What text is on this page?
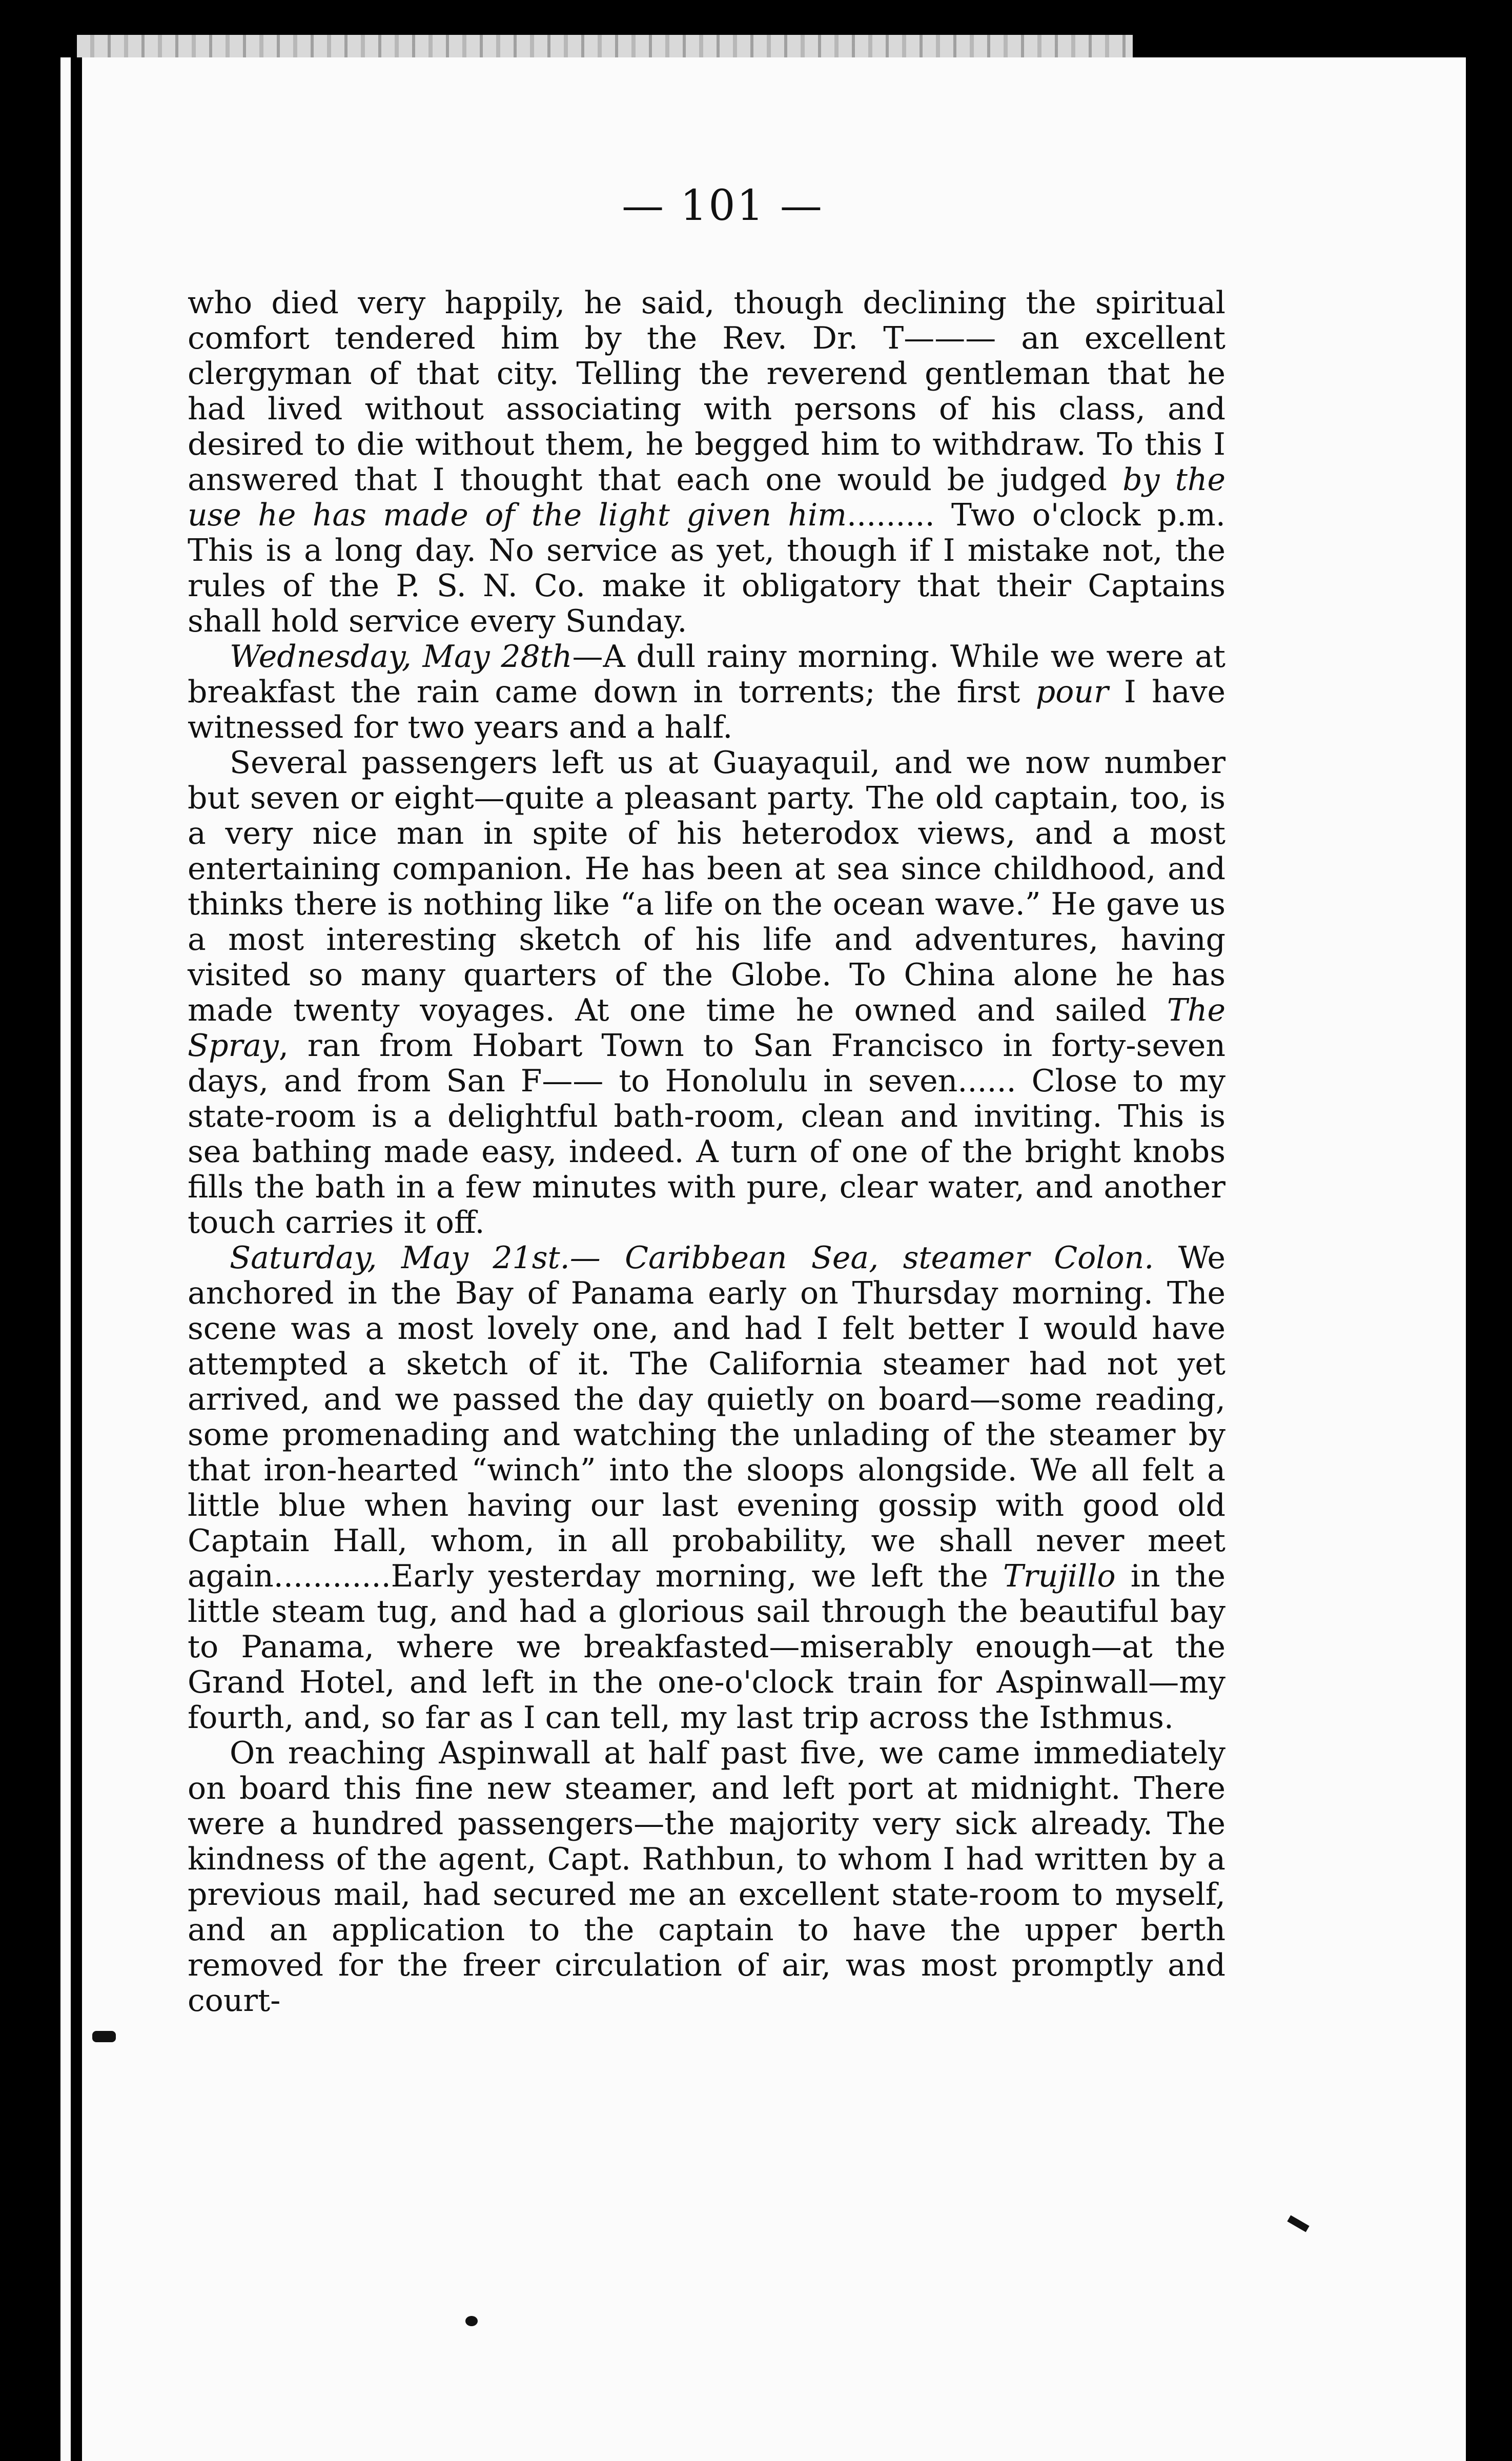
— 101 —

who died very happily, he said, though declining the spiritual comfort tendered him by the Rev. Dr. T——— an excellent clergyman of that city. Telling the reverend gentleman that he had lived without associating with persons of his class, and desired to die without them, he begged him to withdraw. To this I answered that I thought that each one would be judged by the use he has made of the light given him......... Two o'clock p.m. This is a long day. No service as yet, though if I mistake not, the rules of the P. S. N. Co. make it obligatory that their Captains shall hold service every Sunday.

Wednesday, May 28th—A dull rainy morning. While we were at breakfast the rain came down in torrents; the first pour I have witnessed for two years and a half.

Several passengers left us at Guayaquil, and we now number but seven or eight—quite a pleasant party. The old captain, too, is a very nice man in spite of his heterodox views, and a most entertaining companion. He has been at sea since childhood, and thinks there is nothing like “a life on the ocean wave.” He gave us a most interesting sketch of his life and adventures, having visited so many quarters of the Globe. To China alone he has made twenty voyages. At one time he owned and sailed The Spray, ran from Hobart Town to San Francisco in forty-seven days, and from San F—— to Honolulu in seven...... Close to my state-room is a delightful bath-room, clean and inviting. This is sea bathing made easy, indeed. A turn of one of the bright knobs fills the bath in a few minutes with pure, clear water, and another touch carries it off.

Saturday, May 21st.— Caribbean Sea, steamer Colon. We anchored in the Bay of Panama early on Thursday morning. The scene was a most lovely one, and had I felt better I would have attempted a sketch of it. The California steamer had not yet arrived, and we passed the day quietly on board—some reading, some promenading and watching the unlading of the steamer by that iron-hearted “winch” into the sloops alongside. We all felt a little blue when having our last evening gossip with good old Captain Hall, whom, in all probability, we shall never meet again............Early yesterday morning, we left the Trujillo in the little steam tug, and had a glorious sail through the beautiful bay to Panama, where we breakfasted—miserably enough—at the Grand Hotel, and left in the one-o'clock train for Aspinwall—my fourth, and, so far as I can tell, my last trip across the Isthmus.

On reaching Aspinwall at half past five, we came immediately on board this fine new steamer, and left port at midnight. There were a hundred passengers—the majority very sick already. The kindness of the agent, Capt. Rathbun, to whom I had written by a previous mail, had secured me an excellent state-room to myself, and an application to the captain to have the upper berth removed for the freer circulation of air, was most promptly and court-
